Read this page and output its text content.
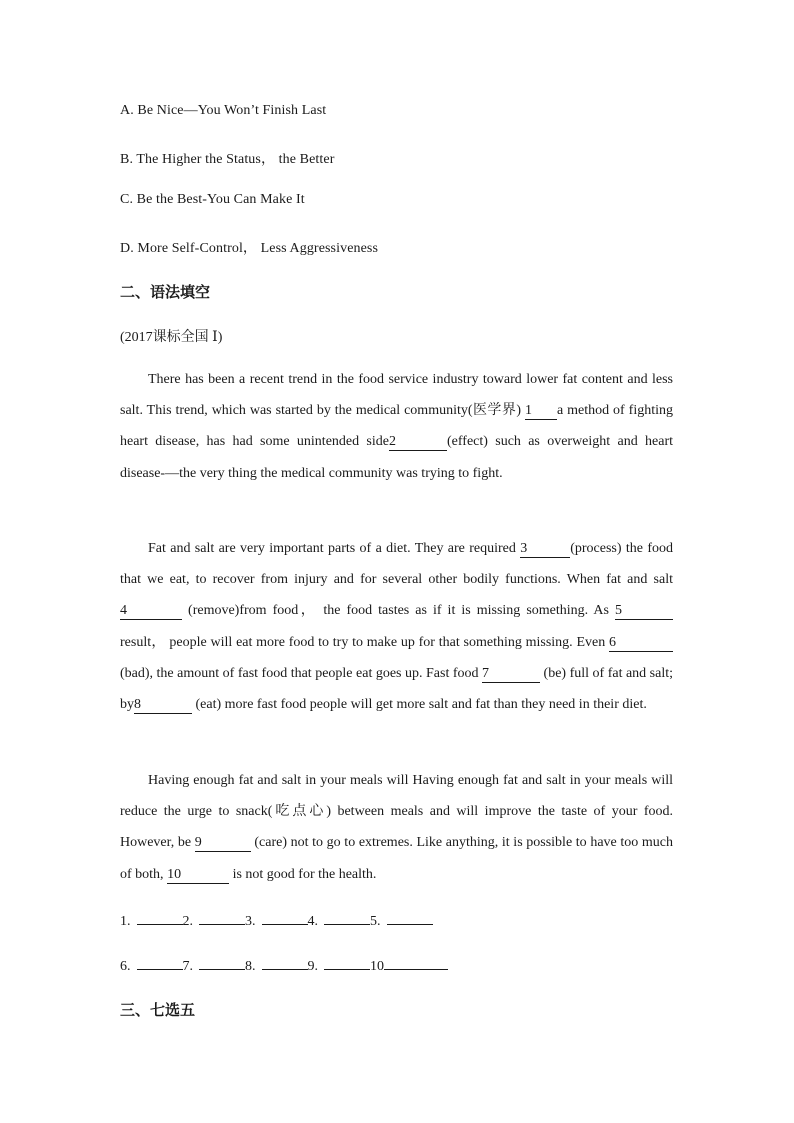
A. Be Nice—You Won’t Finish Last
B. The Higher the Status， the Better
C. Be the Best-You Can Make It
D. More Self-Control， Less Aggressiveness
二、语法填空
(2017课标全国 Ⅰ)
There has been a recent trend in the food service industry toward lower fat content and less salt. This trend, which was started by the medical community(医学界) 1 a method of fighting heart disease, has had some unintended side2	(effect) such as overweight and heart disease-—the very thing the medical community was trying to fight.
Fat and salt are very important parts of a diet. They are required 3	(process) the food that we eat, to recover from injury and for several other bodily functions. When fat and salt 4	(remove)from food， the food tastes as if it is missing something. As 5 result， people will eat more food to try to make up for that something missing. Even 6 (bad), the amount of fast food that people eat goes up. Fast food 7	(be) full of fat and salt; by8	(eat) more fast food people will get more salt and fat than they need in their diet.
Having enough fat and salt in your meals will Having enough fat and salt in your meals will reduce the urge to snack(吃点心) between meals and will improve the taste of your food. However, be 9	(care) not to go to extremes. Like anything, it is possible to have too much of both, 10	is not good for the health.
1.	2.	3.	4.	5.
6.	7.	8.	9.	10
三、七选五
